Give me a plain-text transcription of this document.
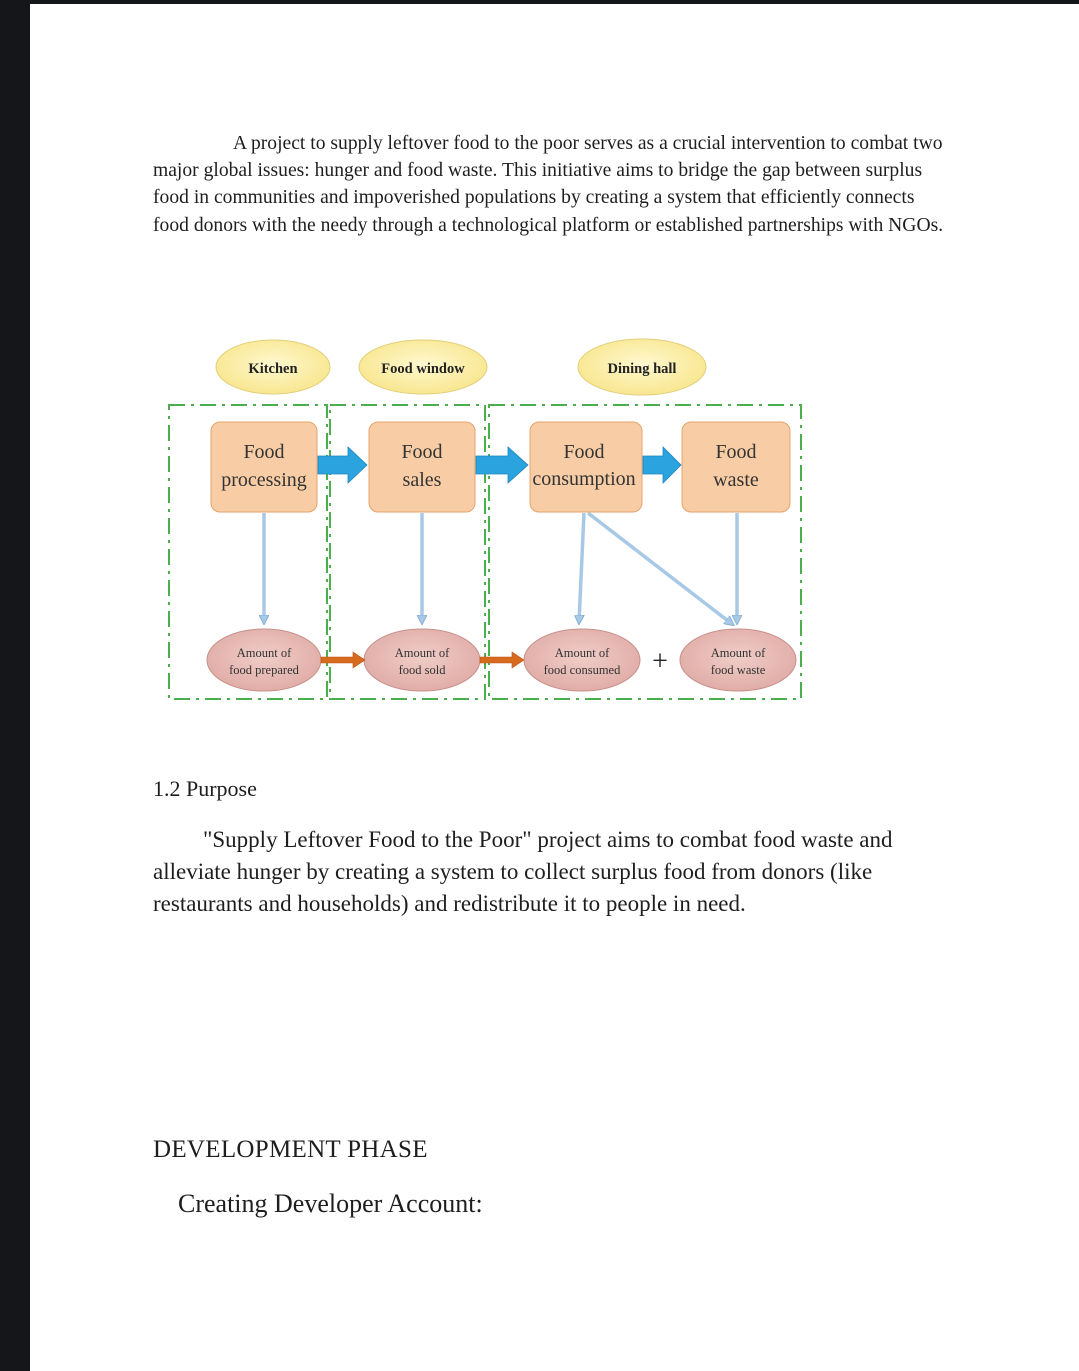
A project to supply leftover food to the poor serves as a crucial intervention to combat two major global issues: hunger and food waste. This initiative aims to bridge the gap between surplus food in communities and impoverished populations by creating a system that efficiently connects food donors with the needy through a technological platform or established partnerships with NGOs.

Kitchen	Food window	Dining hall
Food
processing
Food
sales
Food
consumption
Food
waste
Amount of
food prepared
Amount of
food sold
Amount of
food consumed
Amount of
food waste
+

1.2 Purpose

"Supply Leftover Food to the Poor" project aims to combat food waste and alleviate hunger by creating a system to collect surplus food from donors (like restaurants and households) and redistribute it to people in need.

DEVELOPMENT PHASE

Creating Developer Account:
